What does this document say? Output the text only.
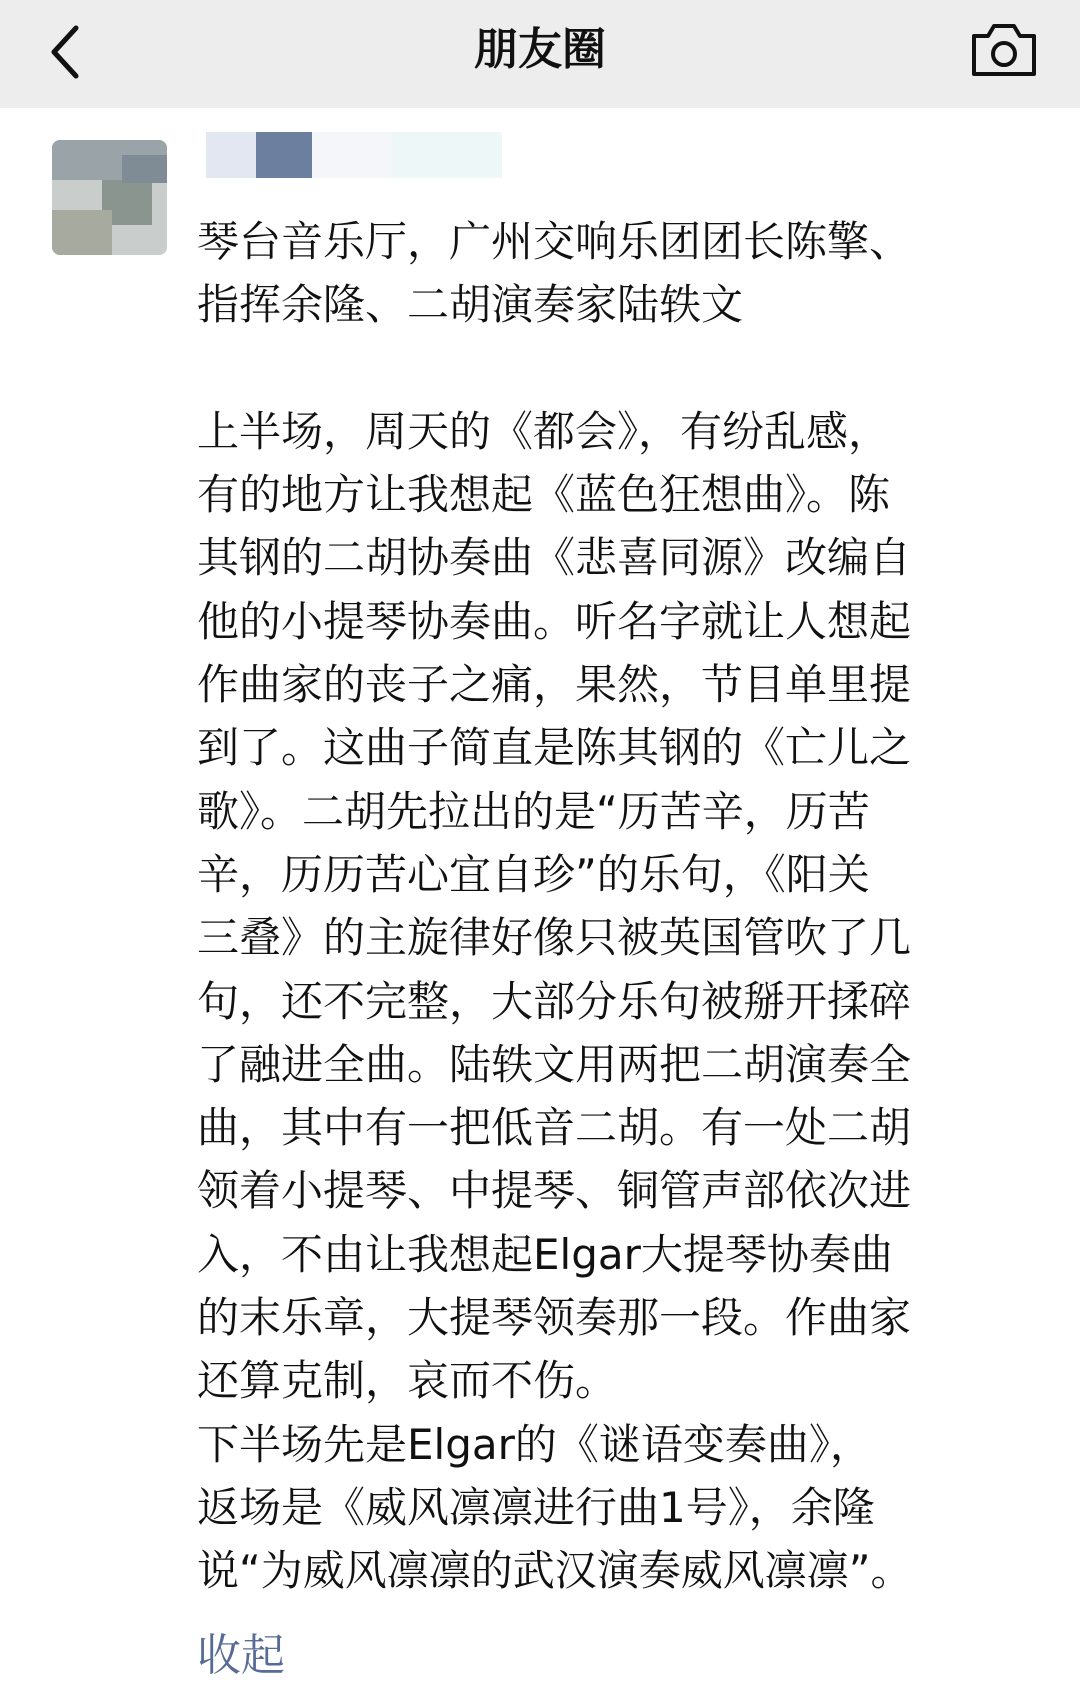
朋友圈
琴台音乐厅，广州交响乐团团长陈擎、
指挥余隆、二胡演奏家陆轶文

上半场，周天的《都会》，有纷乱感，
有的地方让我想起《蓝色狂想曲》。陈
其钢的二胡协奏曲《悲喜同源》改编自
他的小提琴协奏曲。听名字就让人想起
作曲家的丧子之痛，果然，节目单里提
到了。这曲子简直是陈其钢的《亡儿之
歌》。二胡先拉出的是“历苦辛，历苦
辛，历历苦心宜自珍”的乐句，《阳关
三叠》的主旋律好像只被英国管吹了几
句，还不完整，大部分乐句被掰开揉碎
了融进全曲。陆轶文用两把二胡演奏全
曲，其中有一把低音二胡。有一处二胡
领着小提琴、中提琴、铜管声部依次进
入，不由让我想起Elgar大提琴协奏曲
的末乐章，大提琴领奏那一段。作曲家
还算克制，哀而不伤。
下半场先是Elgar的《谜语变奏曲》，
返场是《威风凛凛进行曲1号》，余隆
说“为威风凛凛的武汉演奏威风凛凛”。
收起
